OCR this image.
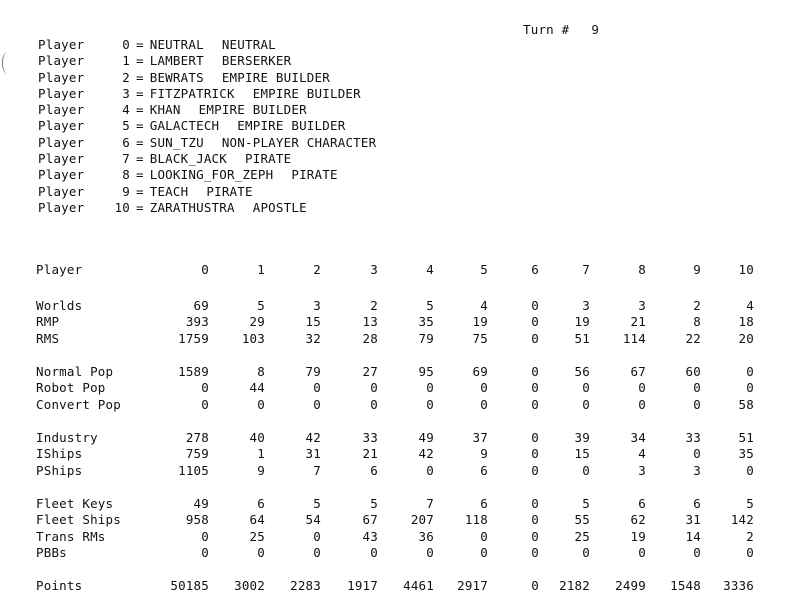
Turn # 9
Player	0 = NEUTRAL NEUTRAL
Player	1 = LAMBERT BERSERKER
Player	2 = BEWRATS EMPIRE BUILDER
Player	3 = FITZPATRICK EMPIRE BUILDER
Player	4 = KHAN EMPIRE BUILDER
Player	5 = GALACTECH EMPIRE BUILDER
Player	6 = SUN_TZU NON-PLAYER CHARACTER
Player	7 = BLACK_JACK PIRATE
Player	8 = LOOKING_FOR_ZEPH PIRATE
Player	9 = TEACH PIRATE
Player 10 = ZARATHUSTRA APOSTLE
Player	0	1	2	3	4	5	6	7	8	9	10

Worlds	69	5	3	2	5	4	0	3	3	2	4
RMP	393	29	15	13	35	19	0	19	21	8	18
RMS	1759	103	32	28	79	75	0	51	114	22	20

Normal Pop	1589	8	79	27	95	69	0	56	67	60	0
Robot Pop	0	44	0	0	0	0	0	0	0	0	0
Convert Pop	0	0	0	0	0	0	0	0	0	0	58

Industry	278	40	42	33	49	37	0	39	34	33	51
IShips	759	1	31	21	42	9	0	15	4	0	35
PShips	1105	9	7	6	0	6	0	0	3	3	0

Fleet Keys	49	6	5	5	7	6	0	5	6	6	5
Fleet Ships	958	64	54	67	207	118	0	55	62	31	142
Trans RMs	0	25	0	43	36	0	0	25	19	14	2
PBBs	0	0	0	0	0	0	0	0	0	0	0

Points	50185	3002	2283	1917	4461	2917	0	2182	2499	1548	3336
